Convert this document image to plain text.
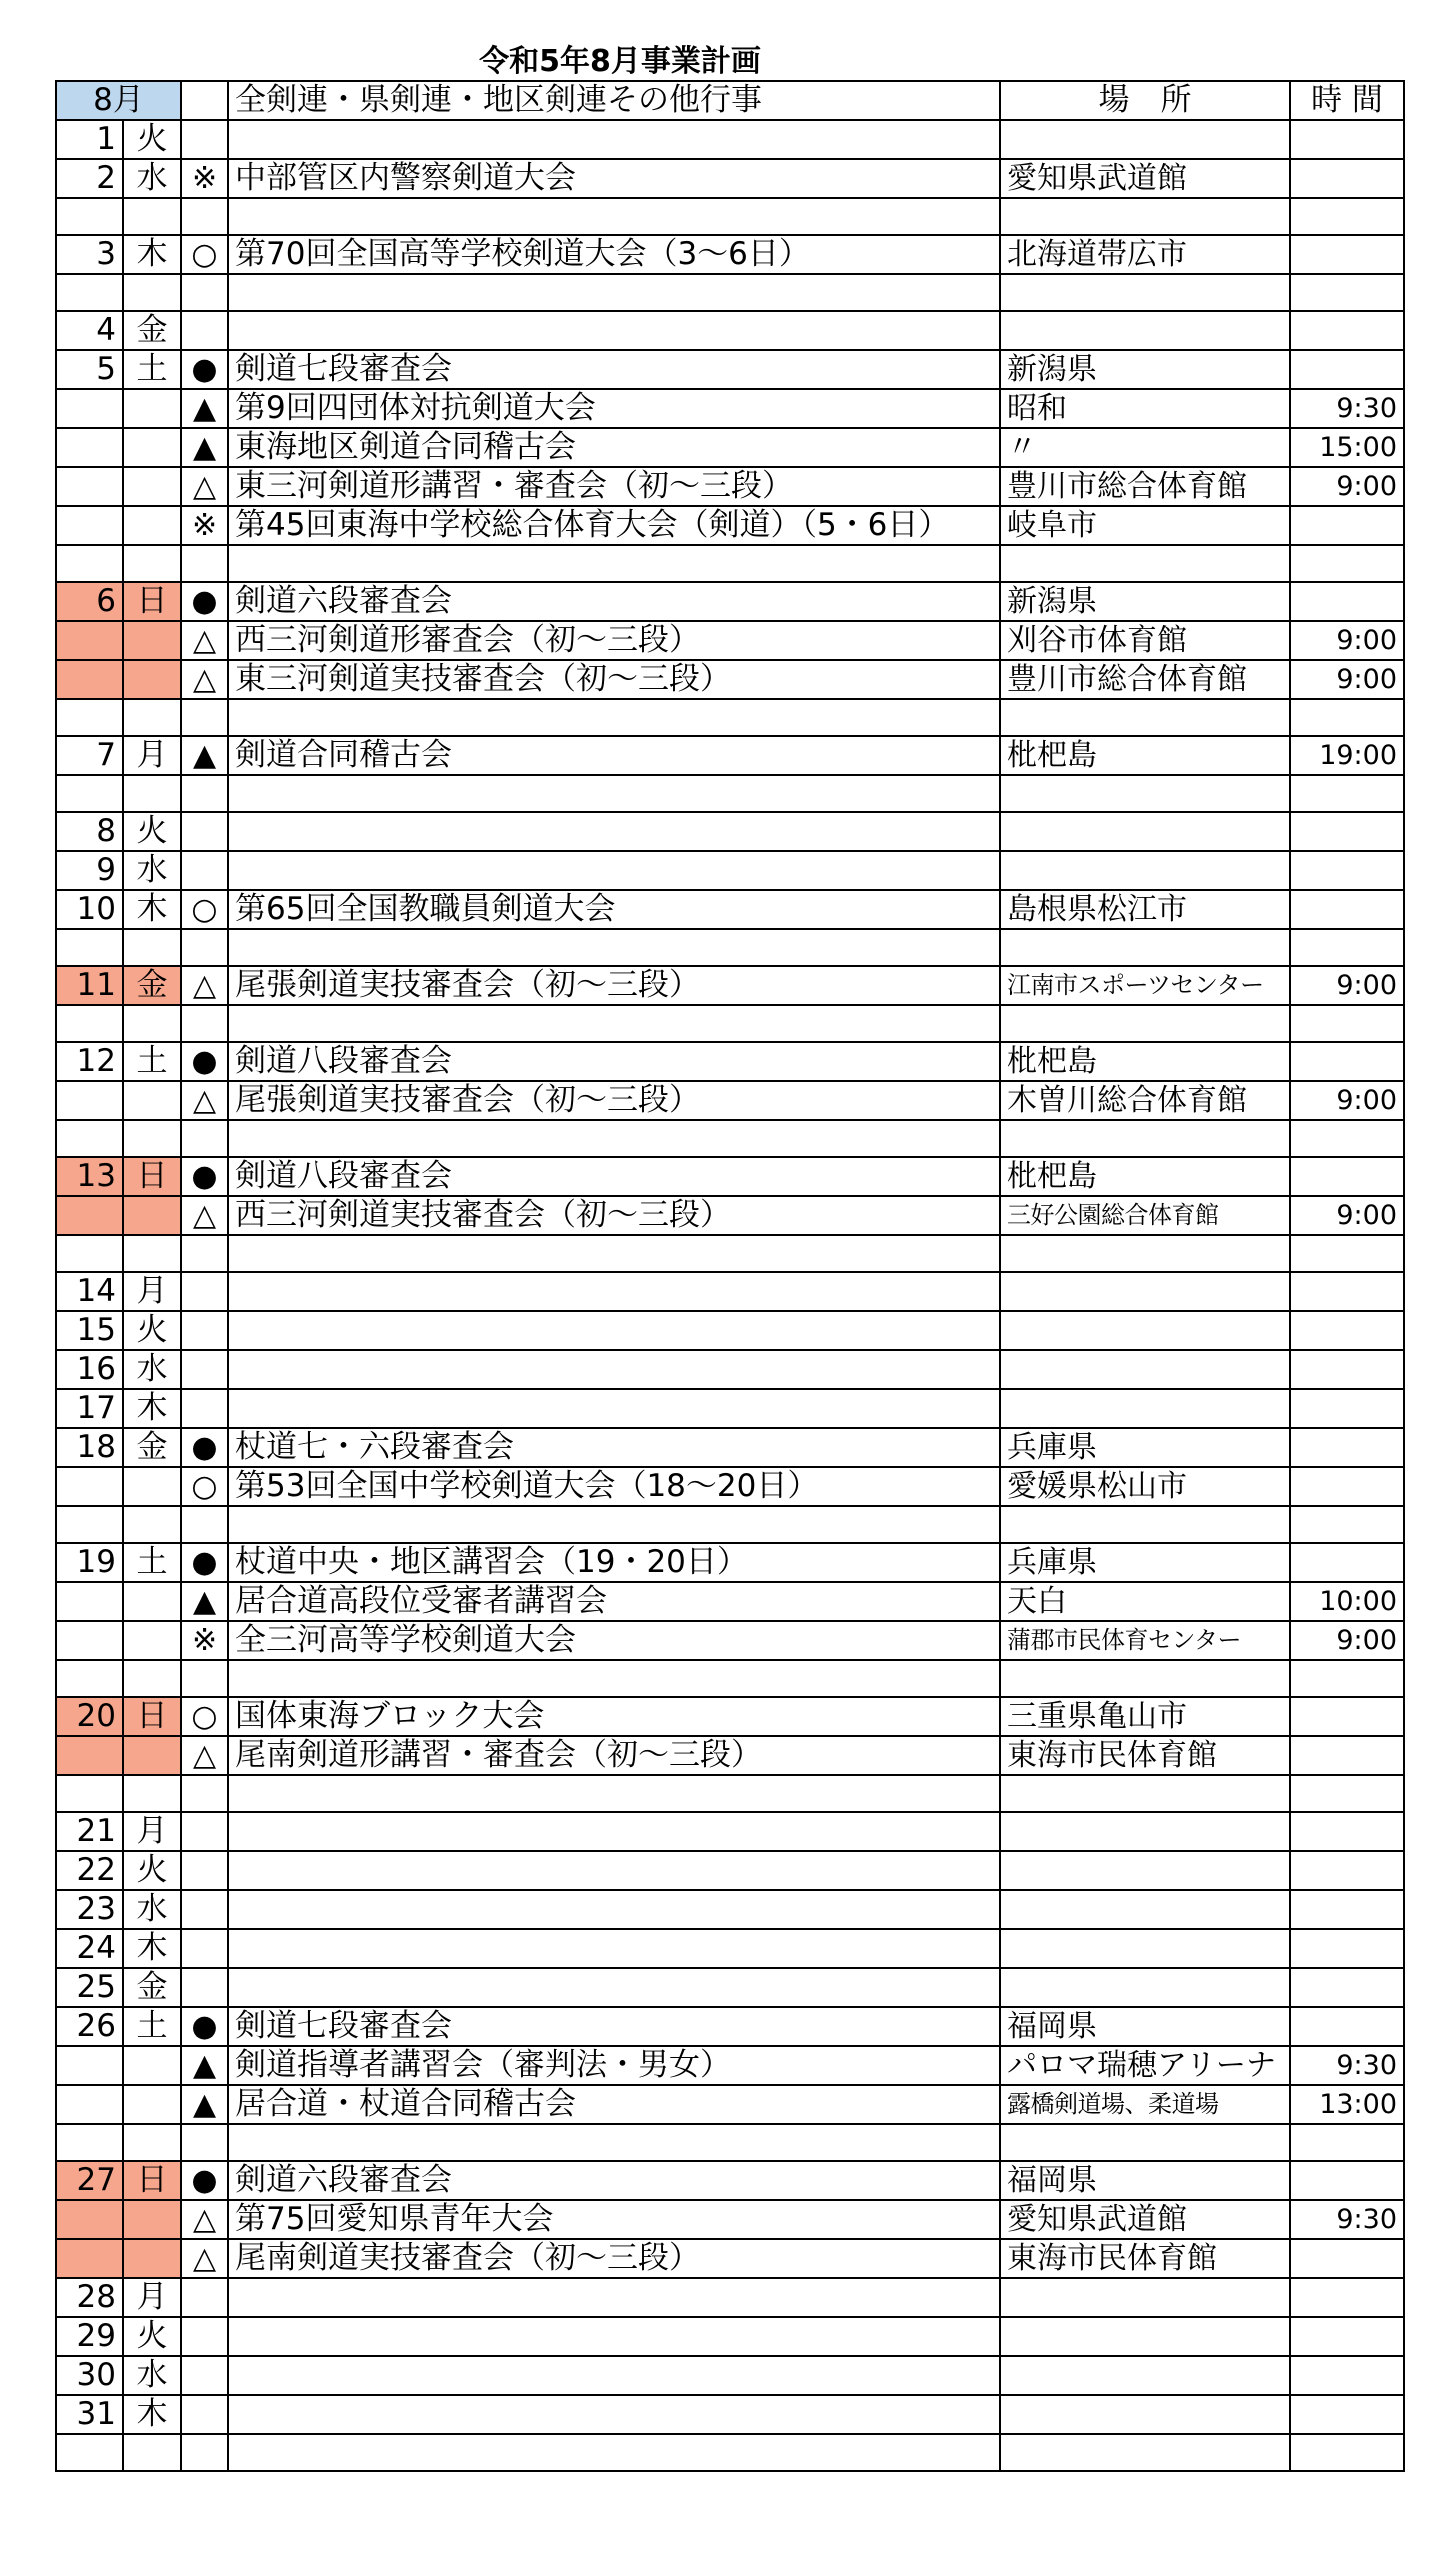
令和5年8月事業計画
8月			全剣連・県剣連・地区剣連その他行事	場　所	時 間
1	火				
2	水	※	中部管区内警察剣道大会	愛知県武道館	

3	木	○	第70回全国高等学校剣道大会（3〜6日）	北海道帯広市	

4	金				
5	土	●	剣道七段審査会	新潟県	
		▲	第9回四団体対抗剣道大会	昭和	9:30
		▲	東海地区剣道合同稽古会	〃	15:00
		△	東三河剣道形講習・審査会（初〜三段）	豊川市総合体育館	9:00
		※	第45回東海中学校総合体育大会（剣道）（5・6日）	岐阜市	

6	日	●	剣道六段審査会	新潟県	
		△	西三河剣道形審査会（初〜三段）	刈谷市体育館	9:00
		△	東三河剣道実技審査会（初〜三段）	豊川市総合体育館	9:00

7	月	▲	剣道合同稽古会	枇杷島	19:00

8	火				
9	水				
10	木	○	第65回全国教職員剣道大会	島根県松江市	

11	金	△	尾張剣道実技審査会（初〜三段）	江南市スポーツセンター	9:00

12	土	●	剣道八段審査会	枇杷島	
		△	尾張剣道実技審査会（初〜三段）	木曽川総合体育館	9:00

13	日	●	剣道八段審査会	枇杷島	
		△	西三河剣道実技審査会（初〜三段）	三好公園総合体育館	9:00

14	月				
15	火				
16	水				
17	木				
18	金	●	杖道七・六段審査会	兵庫県	
		○	第53回全国中学校剣道大会（18〜20日）	愛媛県松山市	

19	土	●	杖道中央・地区講習会（19・20日）	兵庫県	
		▲	居合道高段位受審者講習会	天白	10:00
		※	全三河高等学校剣道大会	蒲郡市民体育センター	9:00

20	日	○	国体東海ブロック大会	三重県亀山市	
		△	尾南剣道形講習・審査会（初〜三段）	東海市民体育館	

21	月				
22	火				
23	水				
24	木				
25	金				
26	土	●	剣道七段審査会	福岡県	
		▲	剣道指導者講習会（審判法・男女）	パロマ瑞穂アリーナ	9:30
		▲	居合道・杖道合同稽古会	露橋剣道場、柔道場	13:00

27	日	●	剣道六段審査会	福岡県	
		△	第75回愛知県青年大会	愛知県武道館	9:30
		△	尾南剣道実技審査会（初〜三段）	東海市民体育館	
28	月				
29	火				
30	水				
31	木				
